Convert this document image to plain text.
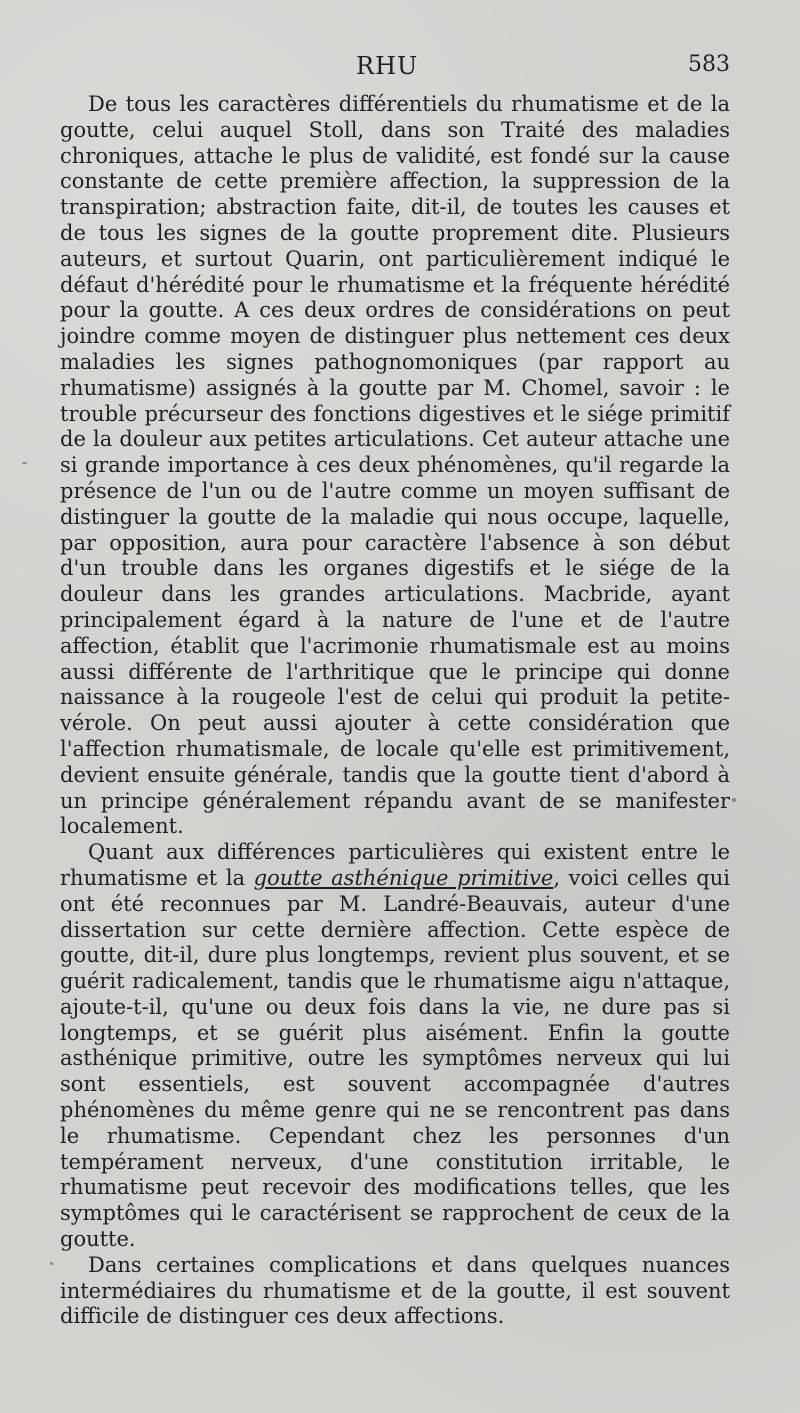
RHU	583

De tous les caractères différentiels du rhumatisme et de la goutte, celui auquel Stoll, dans son Traité des maladies chroniques, attache le plus de validité, est fondé sur la cause constante de cette première affection, la suppression de la transpiration; abstraction faite, dit-il, de toutes les causes et de tous les signes de la goutte proprement dite. Plusieurs auteurs, et surtout Quarin, ont particulièrement indiqué le défaut d'hérédité pour le rhumatisme et la fréquente hérédité pour la goutte. A ces deux ordres de considérations on peut joindre comme moyen de distinguer plus nettement ces deux maladies les signes pathognomoniques (par rapport au rhumatisme) assignés à la goutte par M. Chomel, savoir : le trouble précurseur des fonctions digestives et le siége primitif de la douleur aux petites articulations. Cet auteur attache une si grande importance à ces deux phénomènes, qu'il regarde la présence de l'un ou de l'autre comme un moyen suffisant de distinguer la goutte de la maladie qui nous occupe, laquelle, par opposition, aura pour caractère l'absence à son début d'un trouble dans les organes digestifs et le siége de la douleur dans les grandes articulations. Macbride, ayant principalement égard à la nature de l'une et de l'autre affection, établit que l'acrimonie rhumatismale est au moins aussi différente de l'arthritique que le principe qui donne naissance à la rougeole l'est de celui qui produit la petite-vérole. On peut aussi ajouter à cette considération que l'affection rhumatismale, de locale qu'elle est primitivement, devient ensuite générale, tandis que la goutte tient d'abord à un principe généralement répandu avant de se manifester localement.

Quant aux différences particulières qui existent entre le rhumatisme et la goutte asthénique primitive, voici celles qui ont été reconnues par M. Landré-Beauvais, auteur d'une dissertation sur cette dernière affection. Cette espèce de goutte, dit-il, dure plus longtemps, revient plus souvent, et se guérit radicalement, tandis que le rhumatisme aigu n'attaque, ajoute-t-il, qu'une ou deux fois dans la vie, ne dure pas si longtemps, et se guérit plus aisément. Enfin la goutte asthénique primitive, outre les symptômes nerveux qui lui sont essentiels, est souvent accompagnée d'autres phénomènes du même genre qui ne se rencontrent pas dans le rhumatisme. Cependant chez les personnes d'un tempérament nerveux, d'une constitution irritable, le rhumatisme peut recevoir des modifications telles, que les symptômes qui le caractérisent se rapprochent de ceux de la goutte.

Dans certaines complications et dans quelques nuances intermédiaires du rhumatisme et de la goutte, il est souvent difficile de distinguer ces deux affections.
